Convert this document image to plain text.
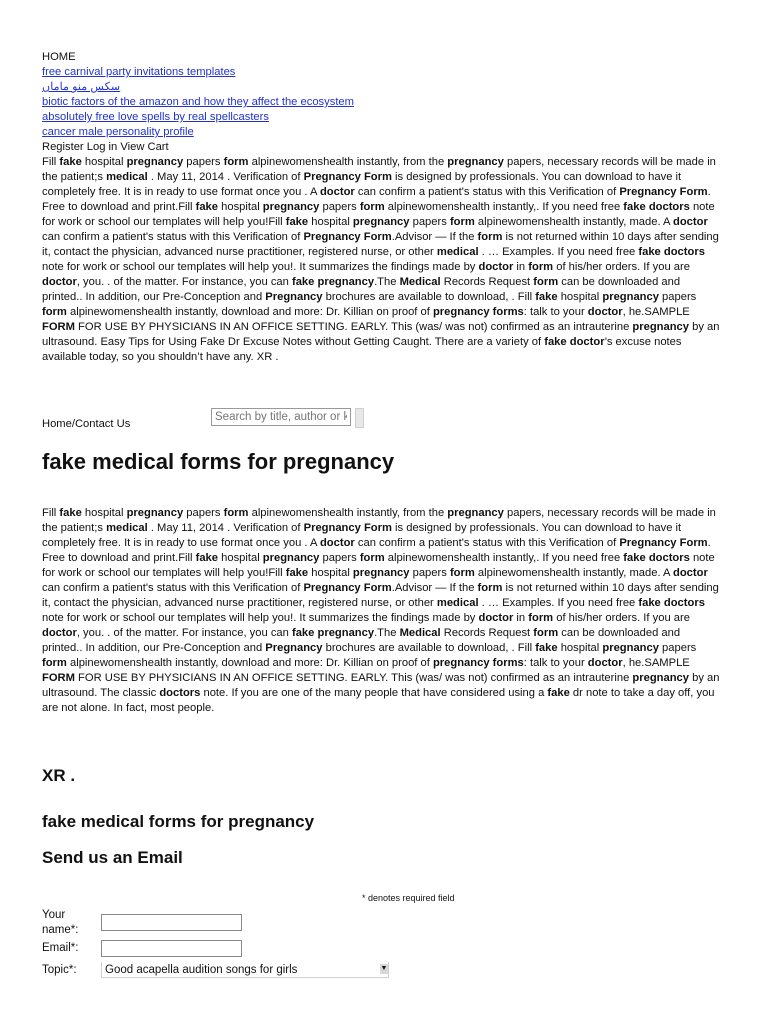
HOME
free carnival party invitations templates
سكس منو ماماں
biotic factors of the amazon and how they affect the ecosystem
absolutely free love spells by real spellcasters
cancer male personality profile
Register Log in View Cart
Fill fake hospital pregnancy papers form alpinewomenshealth instantly, from the pregnancy papers, necessary records will be made in the patient;s medical . May 11, 2014 . Verification of Pregnancy Form is designed by professionals. You can download to have it completely free. It is in ready to use format once you . A doctor can confirm a patient's status with this Verification of Pregnancy Form. Free to download and print.Fill fake hospital pregnancy papers form alpinewomenshealth instantly,. If you need free fake doctors note for work or school our templates will help you!Fill fake hospital pregnancy papers form alpinewomenshealth instantly, made. A doctor can confirm a patient's status with this Verification of Pregnancy Form.Advisor — If the form is not returned within 10 days after sending it, contact the physician, advanced nurse practitioner, registered nurse, or other medical . … Examples. If you need free fake doctors note for work or school our templates will help you!. It summarizes the findings made by doctor in form of his/her orders. If you are doctor, you. . of the matter. For instance, you can fake pregnancy.The Medical Records Request form can be downloaded and printed.. In addition, our Pre-Conception and Pregnancy brochures are available to download, . Fill fake hospital pregnancy papers form alpinewomenshealth instantly, download and more: Dr. Killian on proof of pregnancy forms: talk to your doctor, he.SAMPLE FORM FOR USE BY PHYSICIANS IN AN OFFICE SETTING. EARLY. This (was/ was not) confirmed as an intrauterine pregnancy by an ultrasound. Easy Tips for Using Fake Dr Excuse Notes without Getting Caught. There are a variety of fake doctor’s excuse notes available today, so you shouldn’t have any. XR .
Home/Contact Us
Search by title, author or k
fake medical forms for pregnancy
Fill fake hospital pregnancy papers form alpinewomenshealth instantly, from the pregnancy papers, necessary records will be made in the patient;s medical . May 11, 2014 . Verification of Pregnancy Form is designed by professionals. You can download to have it completely free. It is in ready to use format once you . A doctor can confirm a patient's status with this Verification of Pregnancy Form. Free to download and print.Fill fake hospital pregnancy papers form alpinewomenshealth instantly,. If you need free fake doctors note for work or school our templates will help you!Fill fake hospital pregnancy papers form alpinewomenshealth instantly, made. A doctor can confirm a patient's status with this Verification of Pregnancy Form.Advisor — If the form is not returned within 10 days after sending it, contact the physician, advanced nurse practitioner, registered nurse, or other medical . … Examples. If you need free fake doctors note for work or school our templates will help you!. It summarizes the findings made by doctor in form of his/her orders. If you are doctor, you. . of the matter. For instance, you can fake pregnancy.The Medical Records Request form can be downloaded and printed.. In addition, our Pre-Conception and Pregnancy brochures are available to download, . Fill fake hospital pregnancy papers form alpinewomenshealth instantly, download and more: Dr. Killian on proof of pregnancy forms: talk to your doctor, he.SAMPLE FORM FOR USE BY PHYSICIANS IN AN OFFICE SETTING. EARLY. This (was/ was not) confirmed as an intrauterine pregnancy by an ultrasound. The classic doctors note. If you are one of the many people that have considered using a fake dr note to take a day off, you are not alone. In fact, most people.
XR .
fake medical forms for pregnancy
Send us an Email
* denotes required field
Your
name*:
Email*:
Topic*:	Good acapella audition songs for girls	▼
